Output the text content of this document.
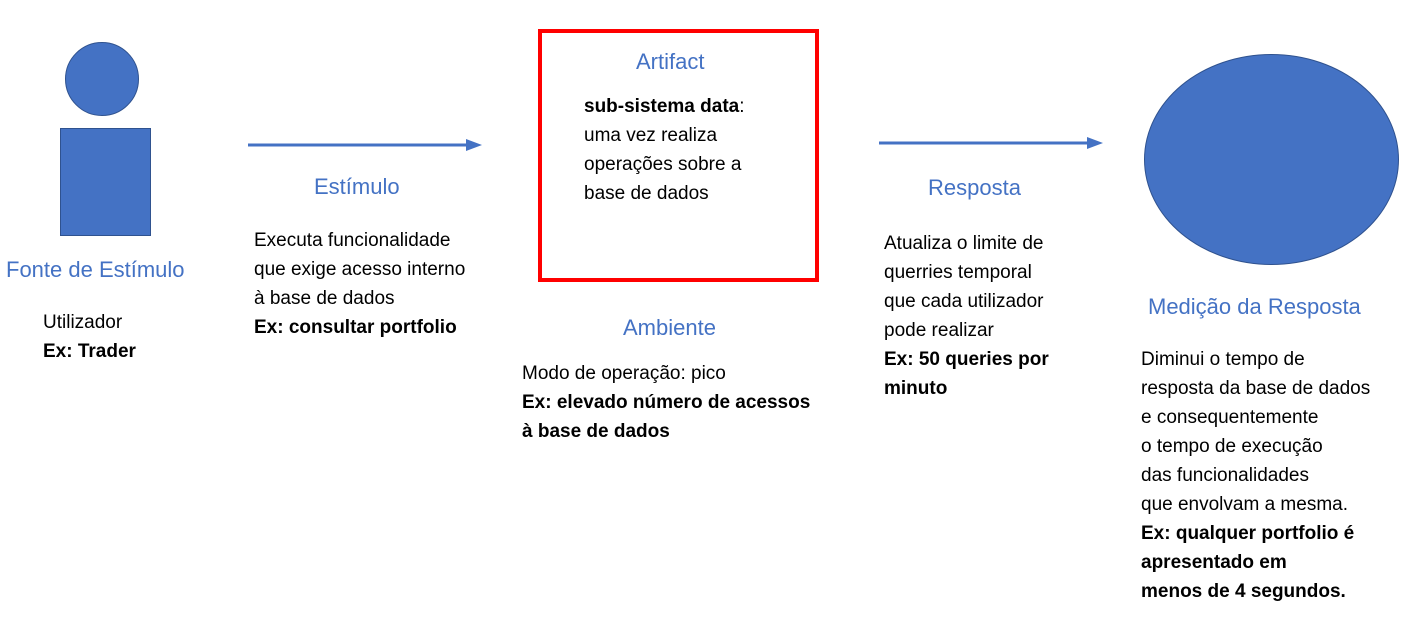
Fonte de Estímulo
Utilizador
Ex: Trader
Estímulo
Executa funcionalidade
que exige acesso interno
à base de dados
Ex: consultar portfolio
Artifact
sub-sistema data:
uma vez realiza
operações sobre a
base de dados
Ambiente
Modo de operação: pico
Ex: elevado número de acessos
à base de dados
Resposta
Atualiza o limite de
querries temporal
que cada utilizador
pode realizar
Ex: 50 queries por
minuto
Medição da Resposta
Diminui o tempo de
resposta da base de dados
e consequentemente
o tempo de execução
das funcionalidades
que envolvam a mesma.
Ex: qualquer portfolio é
apresentado em
menos de 4 segundos.
